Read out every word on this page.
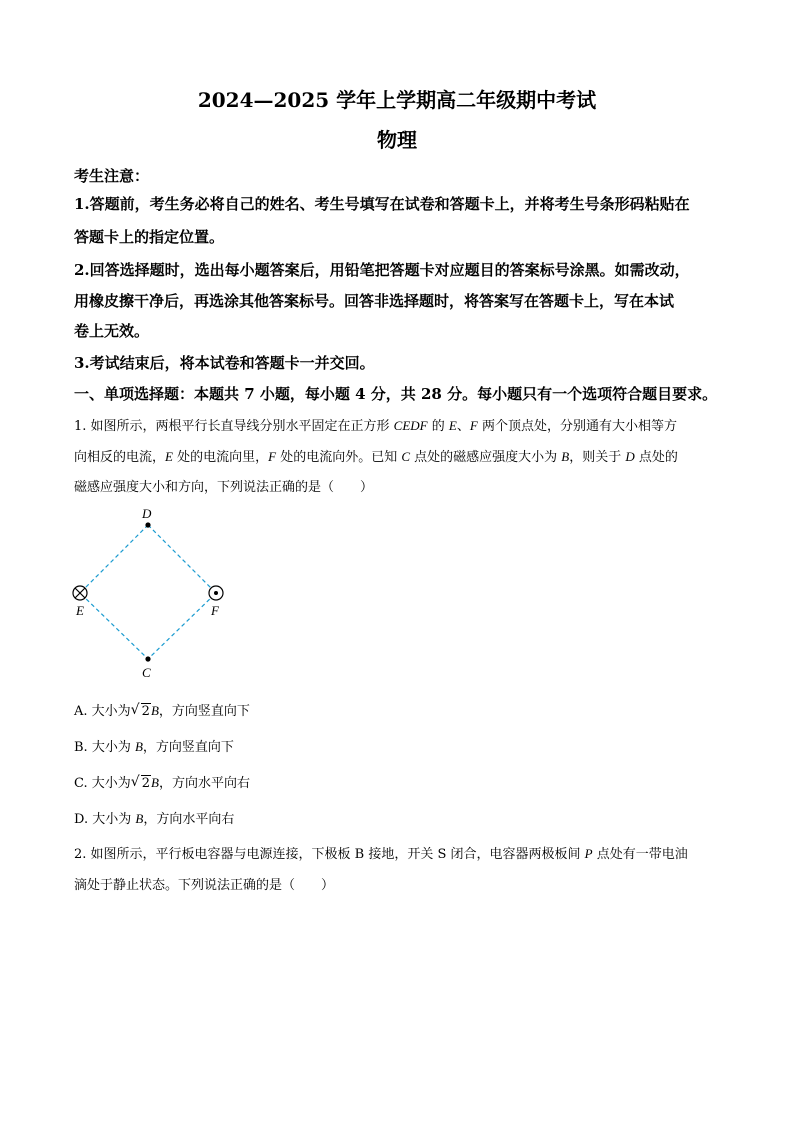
2024—2025 学年上学期高二年级期中考试
物理
考生注意：
1.答题前，考生务必将自己的姓名、考生号填写在试卷和答题卡上，并将考生号条形码粘贴在
答题卡上的指定位置。
2.回答选择题时，选出每小题答案后，用铅笔把答题卡对应题目的答案标号涂黑。如需改动，
用橡皮擦干净后，再选涂其他答案标号。回答非选择题时，将答案写在答题卡上，写在本试
卷上无效。
3.考试结束后，将本试卷和答题卡一并交回。
一、单项选择题：本题共 7 小题，每小题 4 分，共 28 分。每小题只有一个选项符合题目要求。
1. 如图所示，两根平行长直导线分别水平固定在正方形 CEDF 的 E、F 两个顶点处，分别通有大小相等方
向相反的电流，E 处的电流向里，F 处的电流向外。已知 C 点处的磁感应强度大小为 B，则关于 D 点处的
磁感应强度大小和方向，下列说法正确的是（　　）
D
E	F
C
A. 大小为 √ 2B，方向竖直向下
B. 大小为 B，方向竖直向下
C. 大小为 √ 2B，方向水平向右
D. 大小为 B，方向水平向右
2. 如图所示，平行板电容器与电源连接，下极板 B 接地，开关 S 闭合，电容器两极板间 P 点处有一带电油
滴处于静止状态。下列说法正确的是（　　）
